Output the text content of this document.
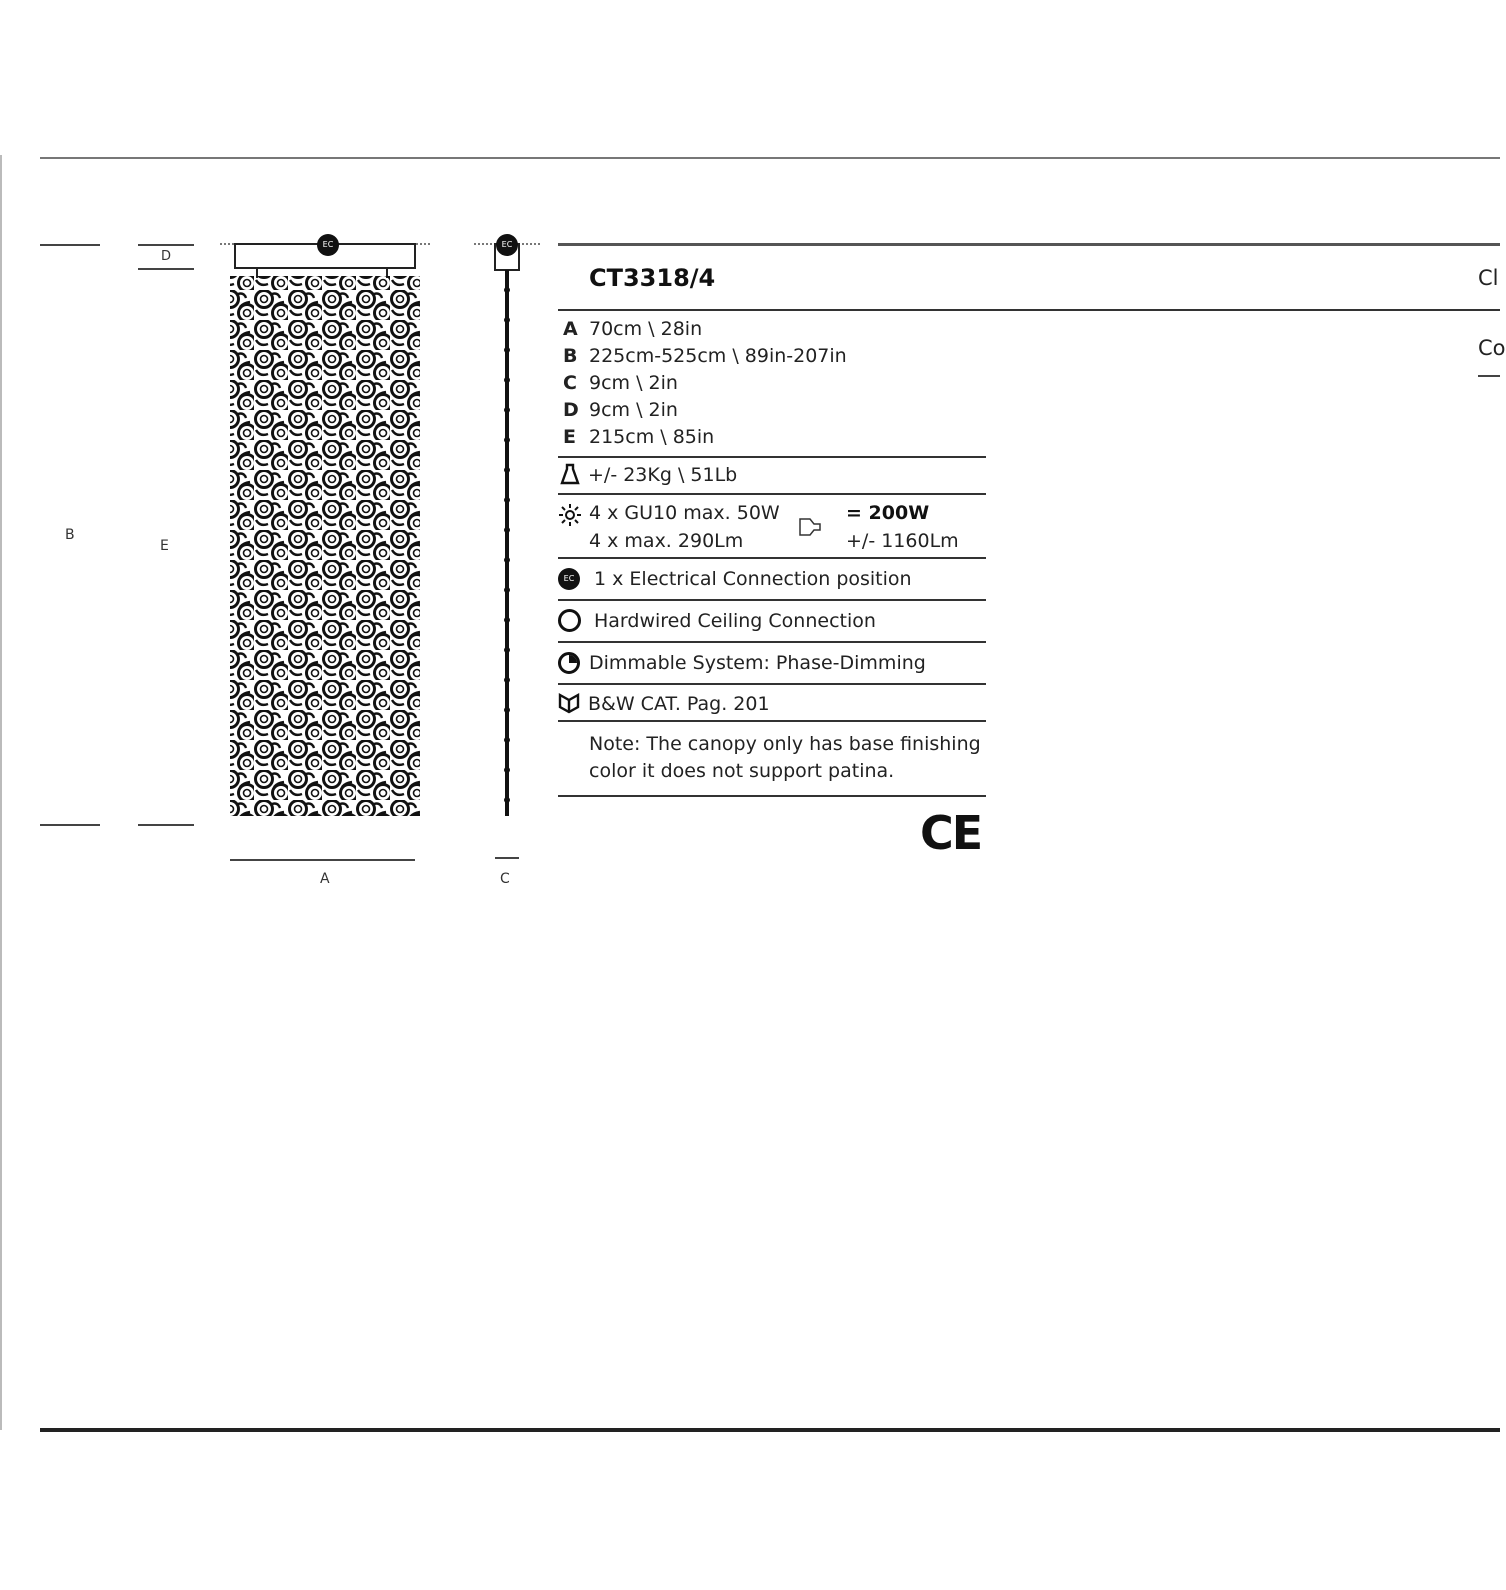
B
D
E
EC
A
EC
C
CT3318/4
A 70cm \ 28in
B 225cm-525cm \ 89in-207in
C 9cm \ 2in
D 9cm \ 2in
E 215cm \ 85in
+/- 23Kg \ 51Lb
4 x GU10 max. 50W
4 x max. 290Lm
= 200W
+/- 1160Lm
EC 1 x Electrical Connection position
Hardwired Ceiling Connection
Dimmable System: Phase-Dimming
B&W CAT. Pag. 201
Note: The canopy only has base finishing
color it does not support patina.
CE
Cl
Co
